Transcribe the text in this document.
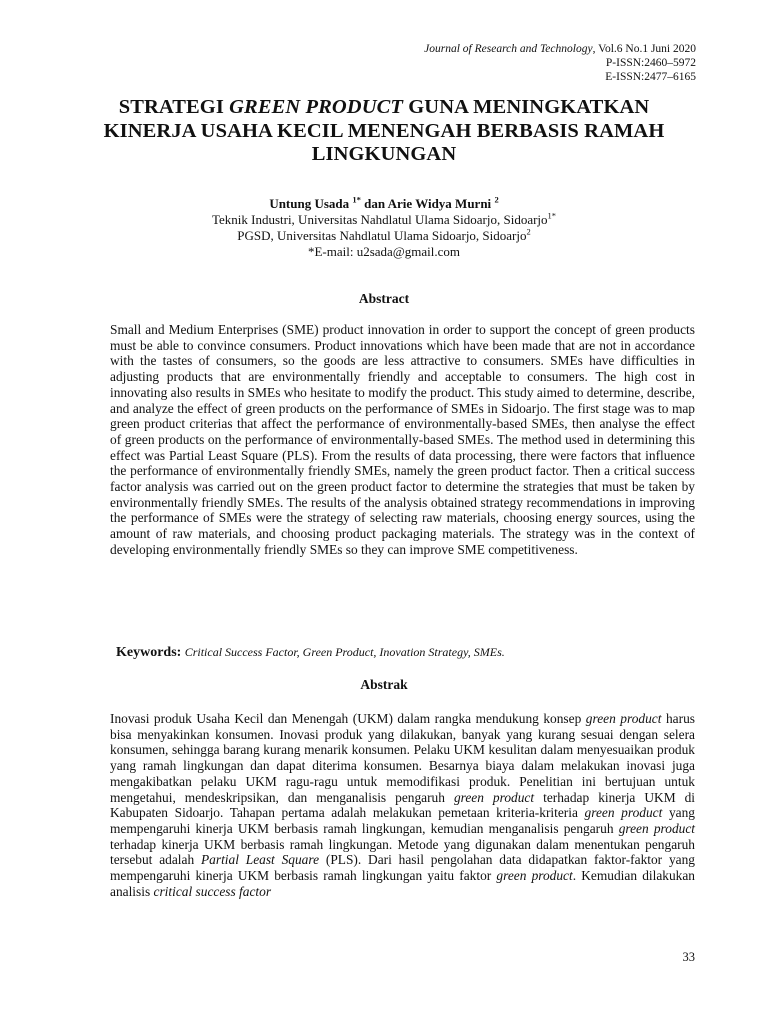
Journal of Research and Technology, Vol.6 No.1 Juni 2020
P-ISSN:2460–5972
E-ISSN:2477–6165
STRATEGI GREEN PRODUCT GUNA MENINGKATKAN KINERJA USAHA KECIL MENENGAH BERBASIS RAMAH LINGKUNGAN
Untung Usada $^{1*}$ dan Arie Widya Murni $^2$
Teknik Industri, Universitas Nahdlatul Ulama Sidoarjo, Sidoarjo$^{1*}$
PGSD, Universitas Nahdlatul Ulama Sidoarjo, Sidoarjo$^2$
*E-mail: u2sada@gmail.com
Abstract
Small and Medium Enterprises (SME) product innovation in order to support the concept of green products must be able to convince consumers. Product innovations which have been made that are not in accordance with the tastes of consumers, so the goods are less attractive to consumers. SMEs have difficulties in adjusting products that are environmentally friendly and acceptable to consumers. The high cost in innovating also results in SMEs who hesitate to modify the product. This study aimed to determine, describe, and analyze the effect of green products on the performance of SMEs in Sidoarjo. The first stage was to map green product criterias that affect the performance of environmentally-based SMEs, then analyse the effect of green products on the performance of environmentally-based SMEs. The method used in determining this effect was Partial Least Square (PLS). From the results of data processing, there were factors that influence the performance of environmentally friendly SMEs, namely the green product factor. Then a critical success factor analysis was carried out on the green product factor to determine the strategies that must be taken by environmentally friendly SMEs. The results of the analysis obtained strategy recommendations in improving the performance of SMEs were the strategy of selecting raw materials, choosing energy sources, using the amount of raw materials, and choosing product packaging materials. The strategy was in the context of developing environmentally friendly SMEs so they can improve SME competitiveness.
Keywords: Critical Success Factor, Green Product, Inovation Strategy, SMEs.
Abstrak
Inovasi produk Usaha Kecil dan Menengah (UKM) dalam rangka mendukung konsep green product harus bisa menyakinkan konsumen. Inovasi produk yang dilakukan, banyak yang kurang sesuai dengan selera konsumen, sehingga barang kurang menarik konsumen. Pelaku UKM kesulitan dalam menyesuaikan produk yang ramah lingkungan dan dapat diterima konsumen. Besarnya biaya dalam melakukan inovasi juga mengakibatkan pelaku UKM ragu-ragu untuk memodifikasi produk. Penelitian ini bertujuan untuk mengetahui, mendeskripsikan, dan menganalisis pengaruh green product terhadap kinerja UKM di Kabupaten Sidoarjo. Tahapan pertama adalah melakukan pemetaan kriteria-kriteria green product yang mempengaruhi kinerja UKM berbasis ramah lingkungan, kemudian menganalisis pengaruh green product terhadap kinerja UKM berbasis ramah lingkungan. Metode yang digunakan dalam menentukan pengaruh tersebut adalah Partial Least Square (PLS). Dari hasil pengolahan data didapatkan faktor-faktor yang mempengaruhi kinerja UKM berbasis ramah lingkungan yaitu faktor green product. Kemudian dilakukan analisis critical success factor
33
